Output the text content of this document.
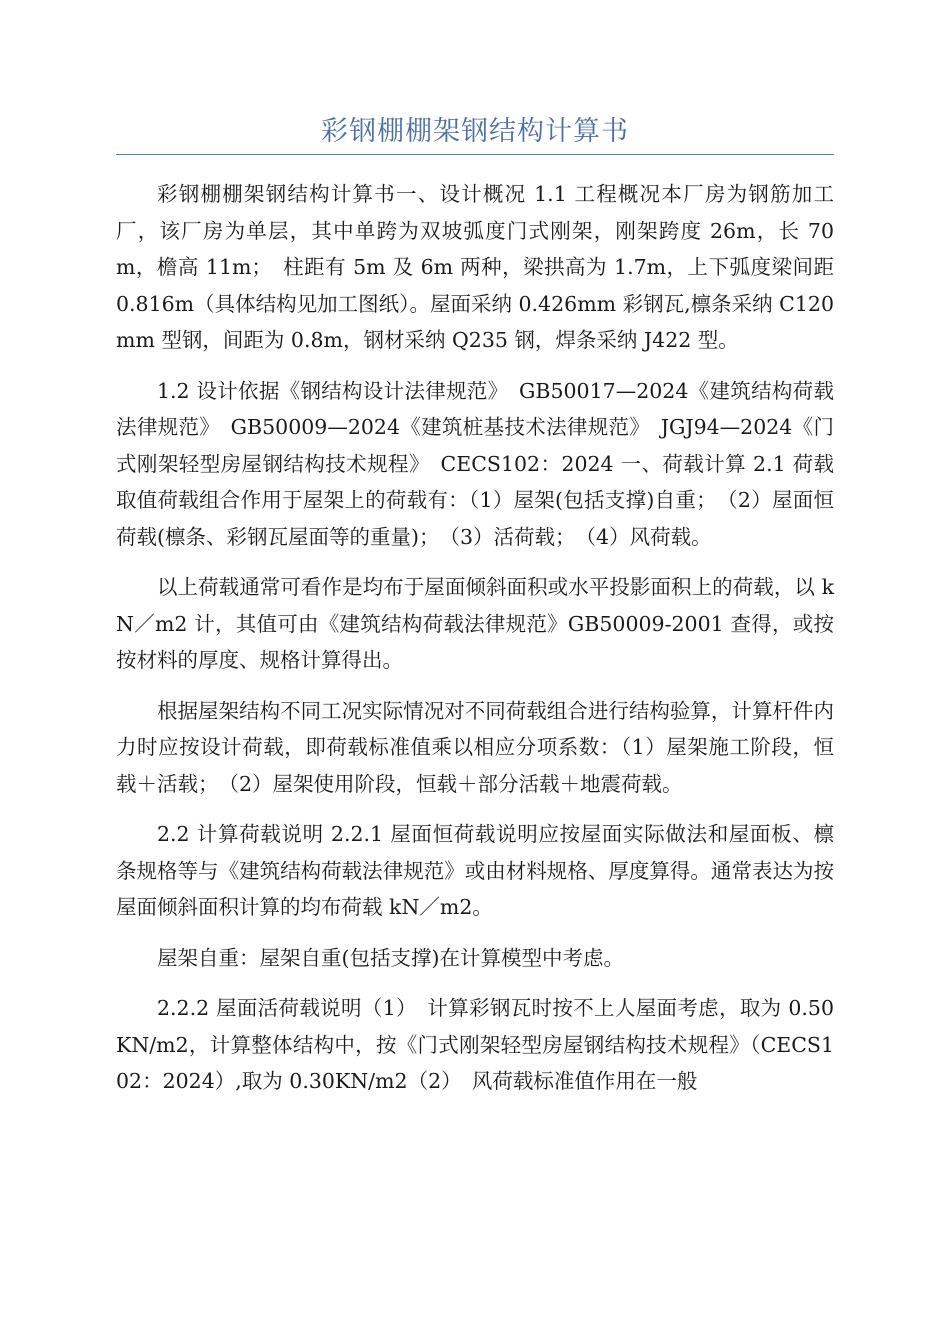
彩钢棚棚架钢结构计算书

彩钢棚棚架钢结构计算书一、设计概况 1.1 工程概况本厂房为钢筋加工厂，该厂房为单层，其中单跨为双坡弧度门式刚架，刚架跨度 26m，长 70m，檐高 11m；　柱距有 5m 及 6m 两种，梁拱高为 1.7m，上下弧度梁间距 0.816m（具体结构见加工图纸）。屋面采纳 0.426mm 彩钢瓦,檩条采纳 C120mm 型钢，间距为 0.8m，钢材采纳 Q235 钢，焊条采纳 J422 型。

1.2 设计依据《钢结构设计法律规范》　GB50017—2024《建筑结构荷载法律规范》　GB50009—2024《建筑桩基技术法律规范》　JGJ94—2024《门式刚架轻型房屋钢结构技术规程》　CECS102：2024 一、荷载计算 2.1 荷载取值荷载组合作用于屋架上的荷载有：（1）屋架(包括支撑)自重；　（2）屋面恒荷载(檩条、彩钢瓦屋面等的重量)；　（3）活荷载；　（4）风荷载。

以上荷载通常可看作是均布于屋面倾斜面积或水平投影面积上的荷载，以 kN／m2 计，其值可由《建筑结构荷载法律规范》GB50009-2001 查得，或按按材料的厚度、规格计算得出。

根据屋架结构不同工况实际情况对不同荷载组合进行结构验算，计算杆件内力时应按设计荷载，即荷载标准值乘以相应分项系数：（1）屋架施工阶段，恒载＋活载；　（2）屋架使用阶段，恒载＋部分活载＋地震荷载。

2.2 计算荷载说明 2.2.1 屋面恒荷载说明应按屋面实际做法和屋面板、檩条规格等与《建筑结构荷载法律规范》或由材料规格、厚度算得。通常表达为按屋面倾斜面积计算的均布荷载 kN／m2。

屋架自重：屋架自重(包括支撑)在计算模型中考虑。

2.2.2 屋面活荷载说明（1）　计算彩钢瓦时按不上人屋面考虑，取为 0.50KN/m2，计算整体结构中，按《门式刚架轻型房屋钢结构技术规程》（CECS102：2024）,取为 0.30KN/m2（2）　风荷载标准值作用在一般
